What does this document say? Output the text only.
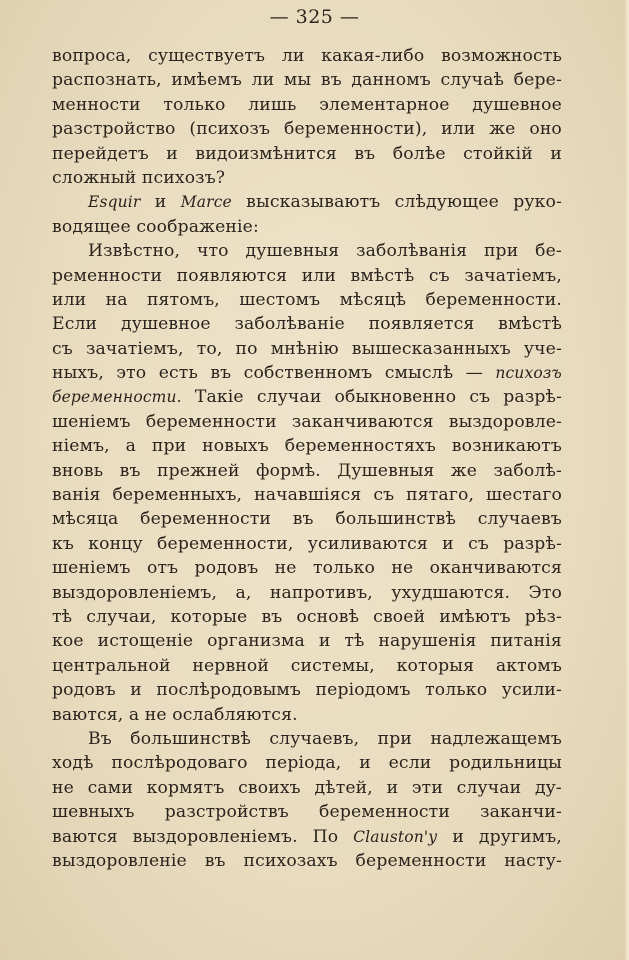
— 325 —
вопроса, существуетъ ли какая-либо возможность
распознать, имѣемъ ли мы въ данномъ случаѣ бере-
менности только лишь элементарное душевное
разстройство (психозъ беременности), или же оно
перейдетъ и видоизмѣнится въ болѣе стойкій и
сложный психозъ?
Esquir и Marce высказываютъ слѣдующее руко-
водящее соображеніе:
Извѣстно, что душевныя заболѣванія при бе-
ременности появляются или вмѣстѣ съ зачатіемъ,
или на пятомъ, шестомъ мѣсяцѣ беременности.
Если душевное заболѣваніе появляется вмѣстѣ
съ зачатіемъ, то, по мнѣнію вышесказанныхъ уче-
ныхъ, это есть въ собственномъ смыслѣ — психозъ
беременности. Такіе случаи обыкновенно съ разрѣ-
шеніемъ беременности заканчиваются выздоровле-
ніемъ, а при новыхъ беременностяхъ возникаютъ
вновь въ прежней формѣ. Душевныя же заболѣ-
ванія беременныхъ, начавшіяся съ пятаго, шестаго
мѣсяца беременности въ большинствѣ случаевъ
къ концу беременности, усиливаются и съ разрѣ-
шеніемъ отъ родовъ не только не оканчиваются
выздоровленіемъ, а, напротивъ, ухудшаются. Это
тѣ случаи, которые въ основѣ своей имѣютъ рѣз-
кое истощеніе организма и тѣ нарушенія питанія
центральной нервной системы, которыя актомъ
родовъ и послѣродовымъ періодомъ только усили-
ваются, а не ослабляются.
Въ большинствѣ случаевъ, при надлежащемъ
ходѣ послѣродоваго періода, и если родильницы
не сами кормятъ своихъ дѣтей, и эти случаи ду-
шевныхъ разстройствъ беременности заканчи-
ваются выздоровленіемъ. По Clauston'у и другимъ,
выздоровленіе въ психозахъ беременности насту-
